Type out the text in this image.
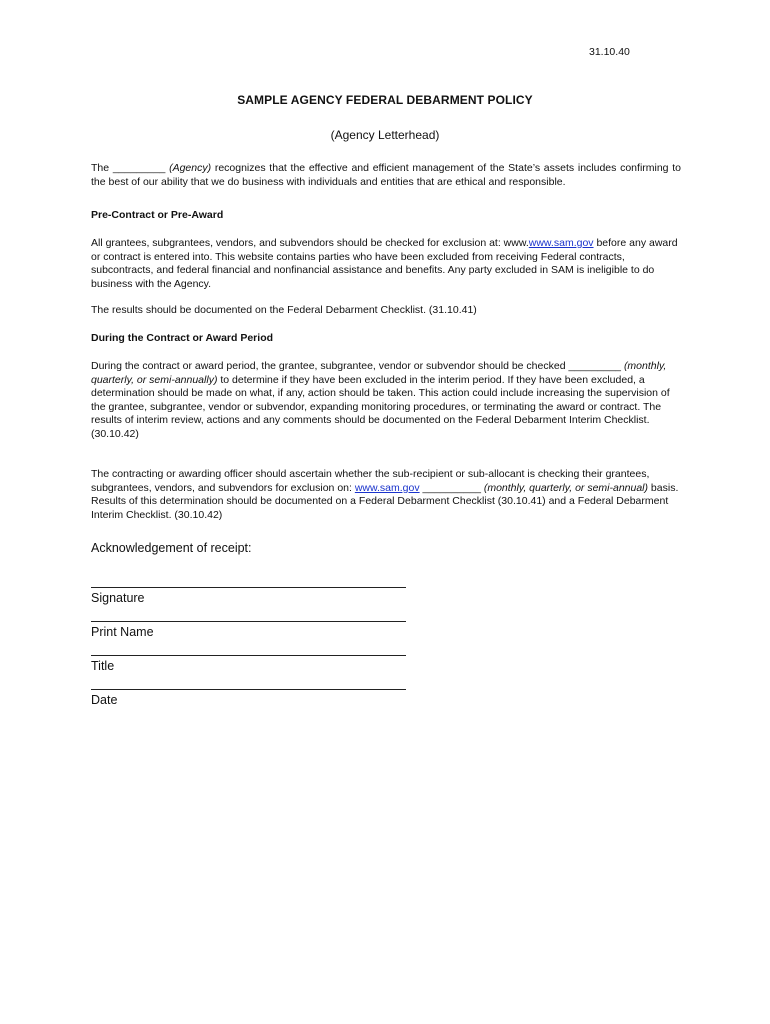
31.10.40
SAMPLE AGENCY FEDERAL DEBARMENT POLICY
(Agency Letterhead)
The _________ (Agency) recognizes that the effective and efficient management of the State’s assets includes confirming to the best of our ability that we do business with individuals and entities that are ethical and responsible.
Pre-Contract or Pre-Award
All grantees, subgrantees, vendors, and subvendors should be checked for exclusion at: www.www.sam.gov before any award or contract is entered into. This website contains parties who have been excluded from receiving Federal contracts, subcontracts, and federal financial and nonfinancial assistance and benefits. Any party excluded in SAM is ineligible to do business with the Agency.
The results should be documented on the Federal Debarment Checklist. (31.10.41)
During the Contract or Award Period
During the contract or award period, the grantee, subgrantee, vendor or subvendor should be checked _________ (monthly, quarterly, or semi-annually) to determine if they have been excluded in the interim period. If they have been excluded, a determination should be made on what, if any, action should be taken. This action could include increasing the supervision of the grantee, subgrantee, vendor or subvendor, expanding monitoring procedures, or terminating the award or contract. The results of interim review, actions and any comments should be documented on the Federal Debarment Interim Checklist. (30.10.42)
The contracting or awarding officer should ascertain whether the sub-recipient or sub-allocant is checking their grantees, subgrantees, vendors, and subvendors for exclusion on: www.sam.gov __________ (monthly, quarterly, or semi-annual) basis. Results of this determination should be documented on a Federal Debarment Checklist (30.10.41) and a Federal Debarment Interim Checklist. (30.10.42)
Acknowledgement of receipt:
Signature
Print Name
Title
Date
